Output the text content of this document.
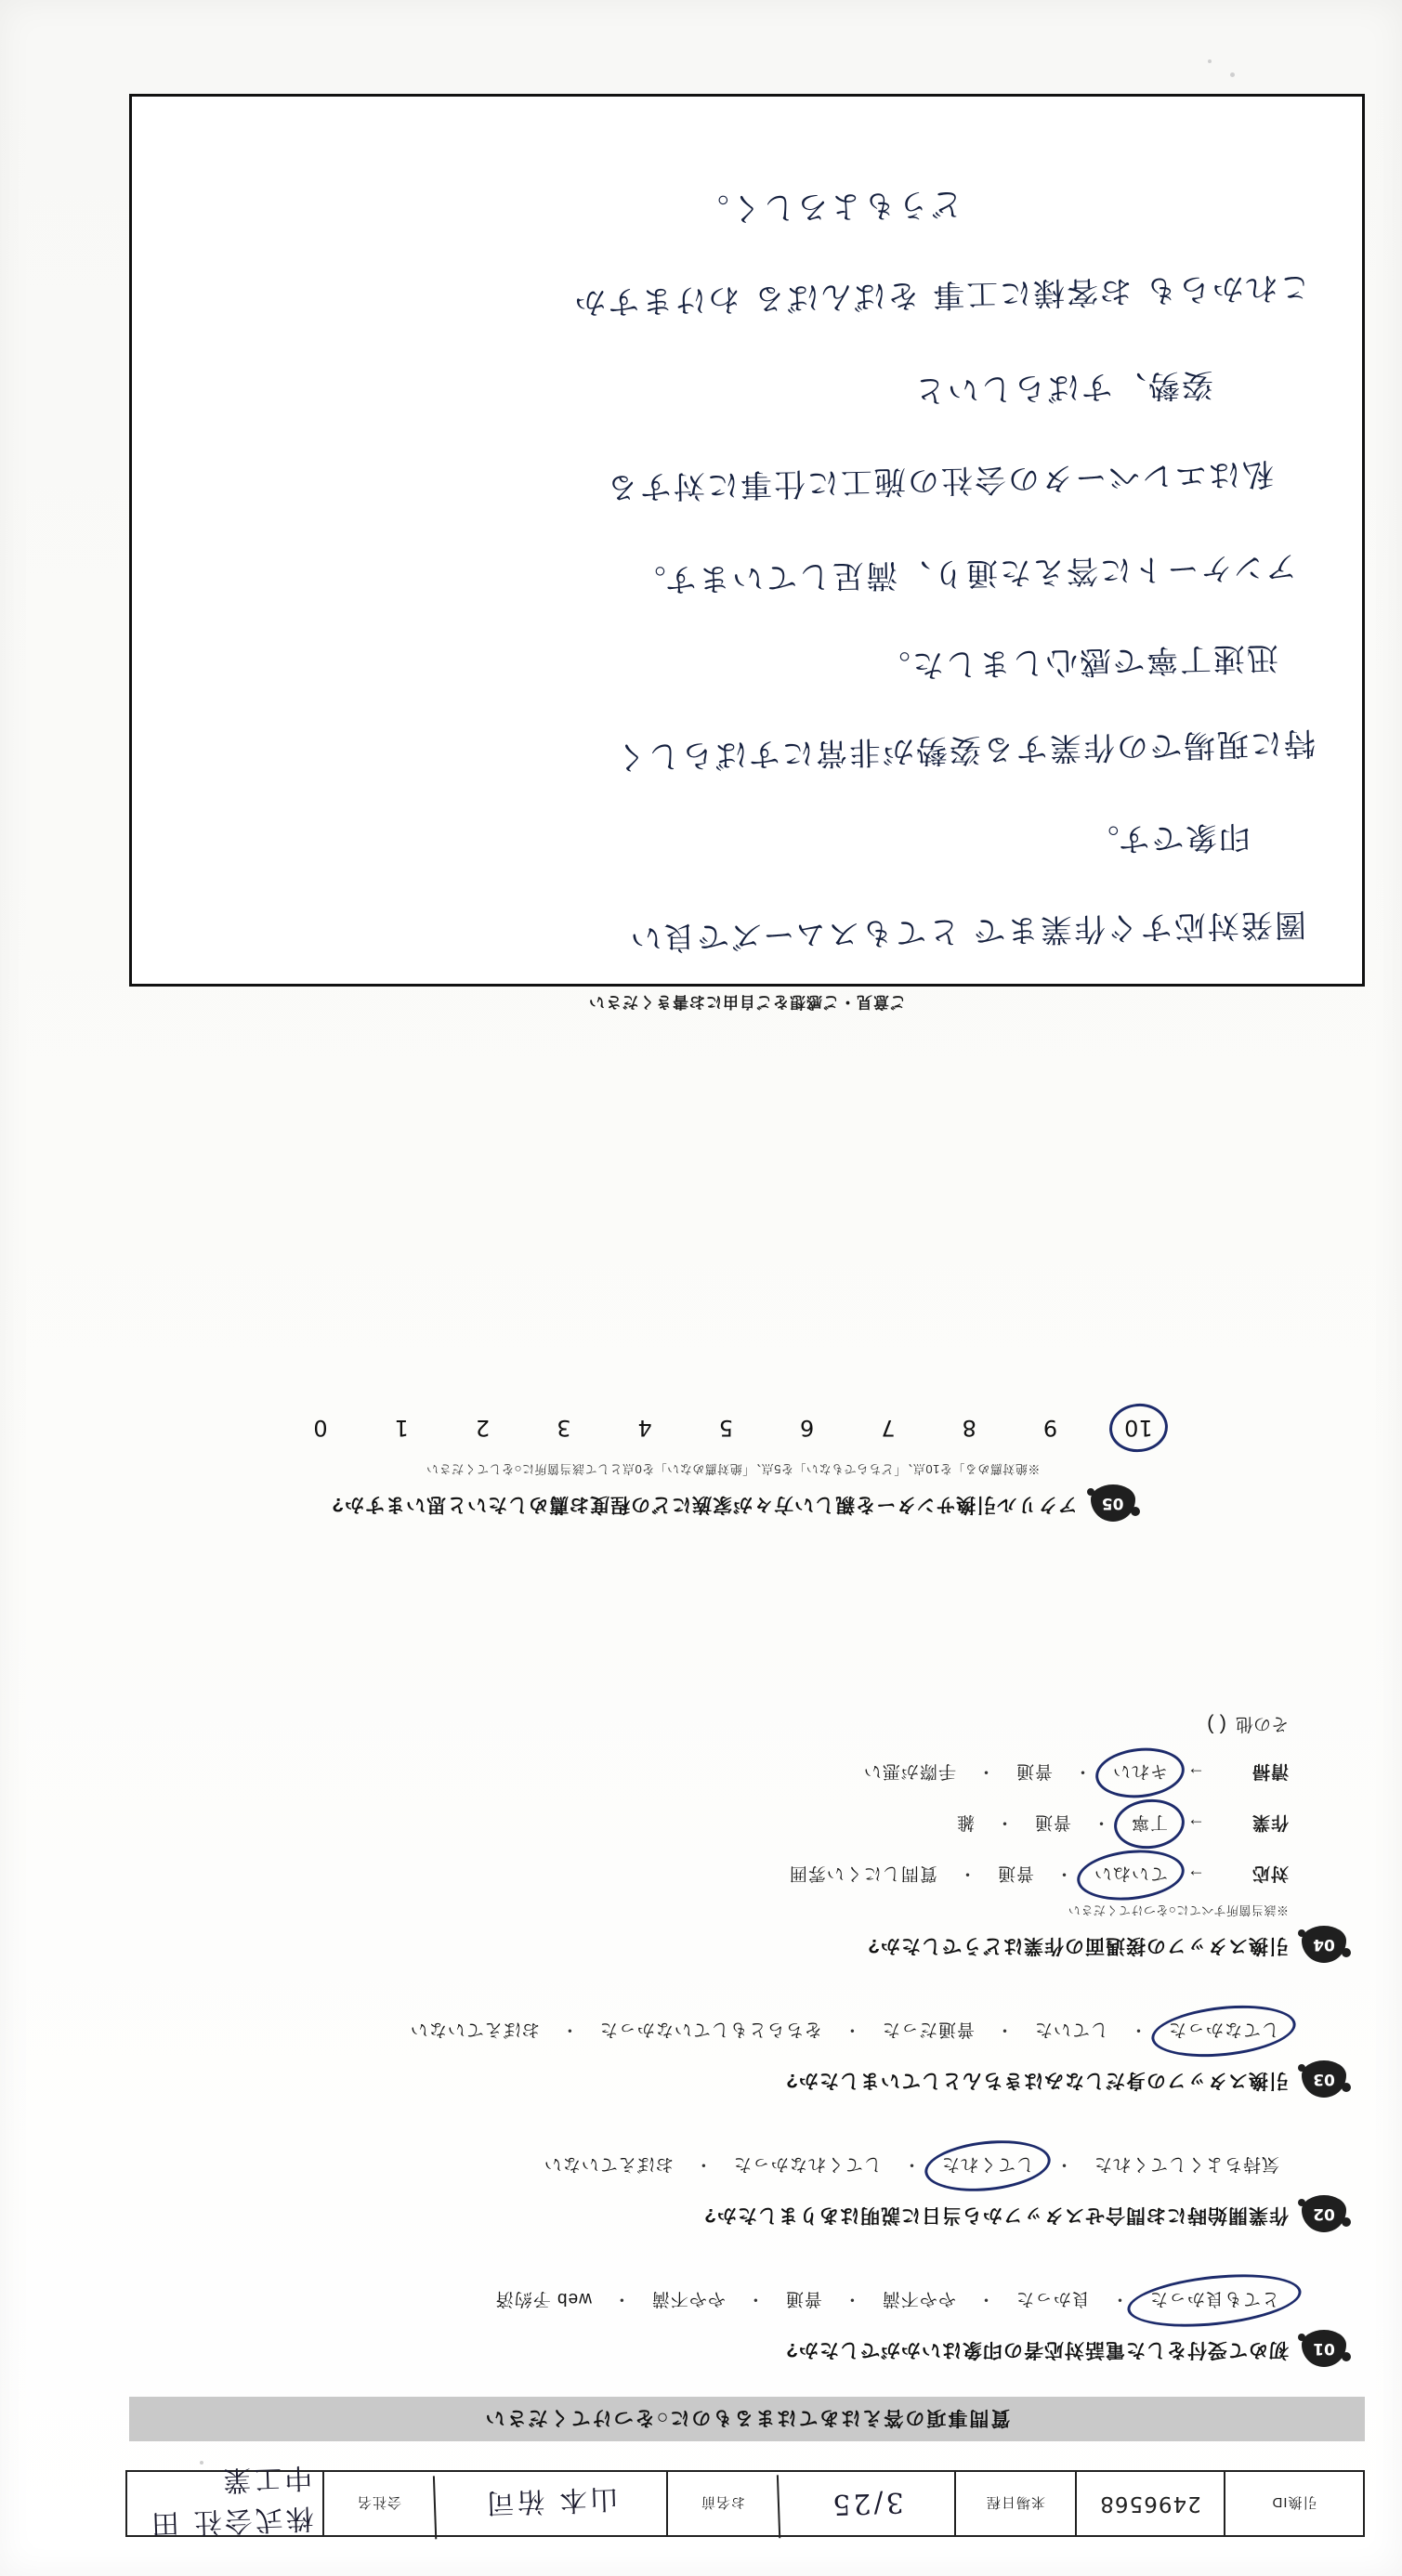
引換ID
2496568
来場日程
3/25
お名前
山本 祐司
会社名
株式会社 田中工業
質問事項の答えはあてはまるものに○をつけてください
01
初めて受付をした電話対応者の印象はいかがでしたか?
とても良かった
・
良かった
・
やや不満
・
普通
・
やや不満
・
web 予約済
02
作業開始時にお問合せスタッフから当日に説明はありましたか?
気持ちよくしてくれた
・
してくれた
・
してくれなかった
・
おぼえていない
03
引換スタッフの身だしなみはきちんとしていましたか?
してなかった
・
していた
・
普通だった
・
をちらともしていなかった
・
おぼえていない
04
引換スタッフの接遇面の作業はどうでしたか?
※該当箇所すべてに○をつけてください
対応
→
ていねい
・
普通
・
質問しにくい雰囲
作業
→
丁寧
・
普通
・
雑
清掃
→
キれい
・
普通
・
手際が悪い
その他
( )
05
アクリル引換サンターを親しい方々が家族にどの程度お薦めしたいと思いますか?
※絶対薦める」を10点、「どちらでもない」を5点、「絶対薦めない」を0点として該当箇所に○をしてください
10
9
8
7
6
5
4
3
2
1
0
ご意見・ご感想をご自由にお書きください
圏発対応すぐ作業まで とてもスムーズで良い
印象です。
特に現場での作業する姿勢が非常にすばらしく
迅速丁寧で感心しました。
アンケートに答えた通り、満足しています。
私はエレベータの会社の施工に仕事に対する
姿勢、すばらしいと
これからも お客様に工事 をばんばる わけますか
どうもよろしく。
